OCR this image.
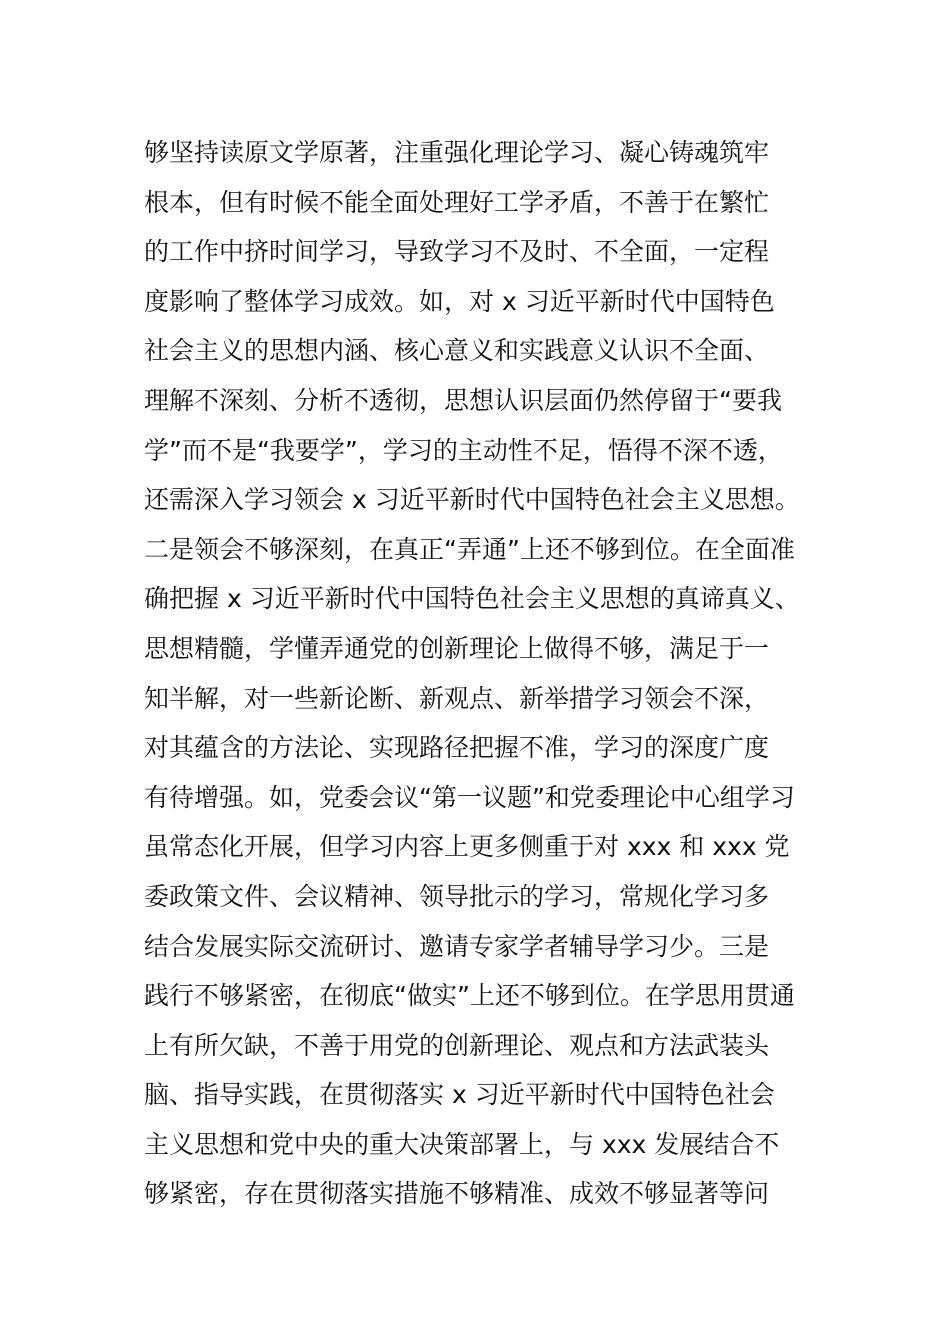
够坚持读原文学原著，注重强化理论学习、凝心铸魂筑牢
根本，但有时候不能全面处理好工学矛盾，不善于在繁忙
的工作中挤时间学习，导致学习不及时、不全面，一定程
度影响了整体学习成效。如，对 x 习近平新时代中国特色
社会主义的思想内涵、核心意义和实践意义认识不全面、
理解不深刻、分析不透彻，思想认识层面仍然停留于“要我
学”而不是“我要学”，学习的主动性不足，悟得不深不透，
还需深入学习领会 x 习近平新时代中国特色社会主义思想。
二是领会不够深刻，在真正“弄通”上还不够到位。在全面准
确把握 x 习近平新时代中国特色社会主义思想的真谛真义、
思想精髓，学懂弄通党的创新理论上做得不够，满足于一
知半解，对一些新论断、新观点、新举措学习领会不深，
对其蕴含的方法论、实现路径把握不准，学习的深度广度
有待增强。如，党委会议“第一议题”和党委理论中心组学习
虽常态化开展，但学习内容上更多侧重于对 xxx 和 xxx 党
委政策文件、会议精神、领导批示的学习，常规化学习多
结合发展实际交流研讨、邀请专家学者辅导学习少。三是
践行不够紧密，在彻底“做实”上还不够到位。在学思用贯通
上有所欠缺，不善于用党的创新理论、观点和方法武装头
脑、指导实践，在贯彻落实 x 习近平新时代中国特色社会
主义思想和党中央的重大决策部署上，与 xxx 发展结合不
够紧密，存在贯彻落实措施不够精准、成效不够显著等问
